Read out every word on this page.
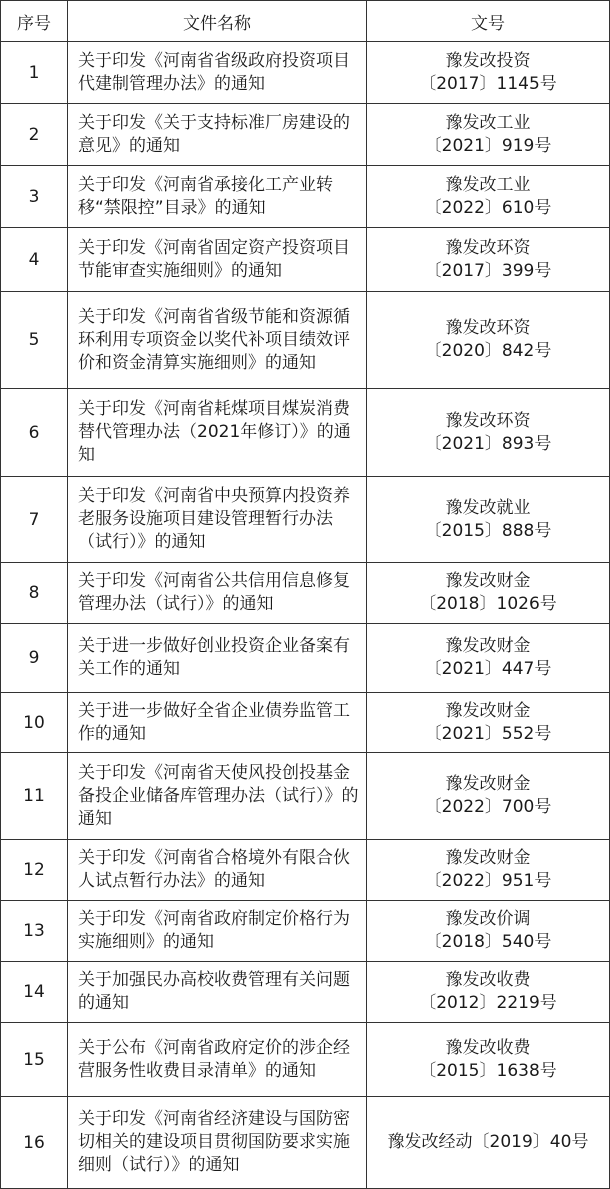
序号	文件名称	文号
1	关于印发《河南省省级政府投资项目代建制管理办法》的通知	豫发改投资
〔2017〕1145号

2	关于印发《关于支持标准厂房建设的意见》的通知	豫发改工业
〔2021〕919号

3	关于印发《河南省承接化工产业转移“禁限控”目录》的通知	豫发改工业
〔2022〕610号

4	关于印发《河南省固定资产投资项目节能审查实施细则》的通知	豫发改环资
〔2017〕399号

5	关于印发《河南省省级节能和资源循环利用专项资金以奖代补项目绩效评价和资金清算实施细则》的通知	豫发改环资
〔2020〕842号

6	关于印发《河南省耗煤项目煤炭消费替代管理办法（2021年修订）》的通知	豫发改环资
〔2021〕893号

7	关于印发《河南省中央预算内投资养老服务设施项目建设管理暂行办法（试行）》的通知	豫发改就业
〔2015〕888号

8	关于印发《河南省公共信用信息修复管理办法（试行）》的通知	豫发改财金
〔2018〕1026号

9	关于进一步做好创业投资企业备案有关工作的通知	豫发改财金
〔2021〕447号

10	关于进一步做好全省企业债券监管工作的通知	豫发改财金
〔2021〕552号

11	关于印发《河南省天使风投创投基金备投企业储备库管理办法（试行）》的通知	豫发改财金
〔2022〕700号

12	关于印发《河南省合格境外有限合伙人试点暂行办法》的通知	豫发改财金
〔2022〕951号

13	关于印发《河南省政府制定价格行为实施细则》的通知	豫发改价调
〔2018〕540号

14	关于加强民办高校收费管理有关问题的通知	豫发改收费
〔2012〕2219号

15	关于公布《河南省政府定价的涉企经营服务性收费目录清单》的通知	豫发改收费
〔2015〕1638号

16	关于印发《河南省经济建设与国防密切相关的建设项目贯彻国防要求实施细则（试行）》的通知	豫发改经动〔2019〕40号
